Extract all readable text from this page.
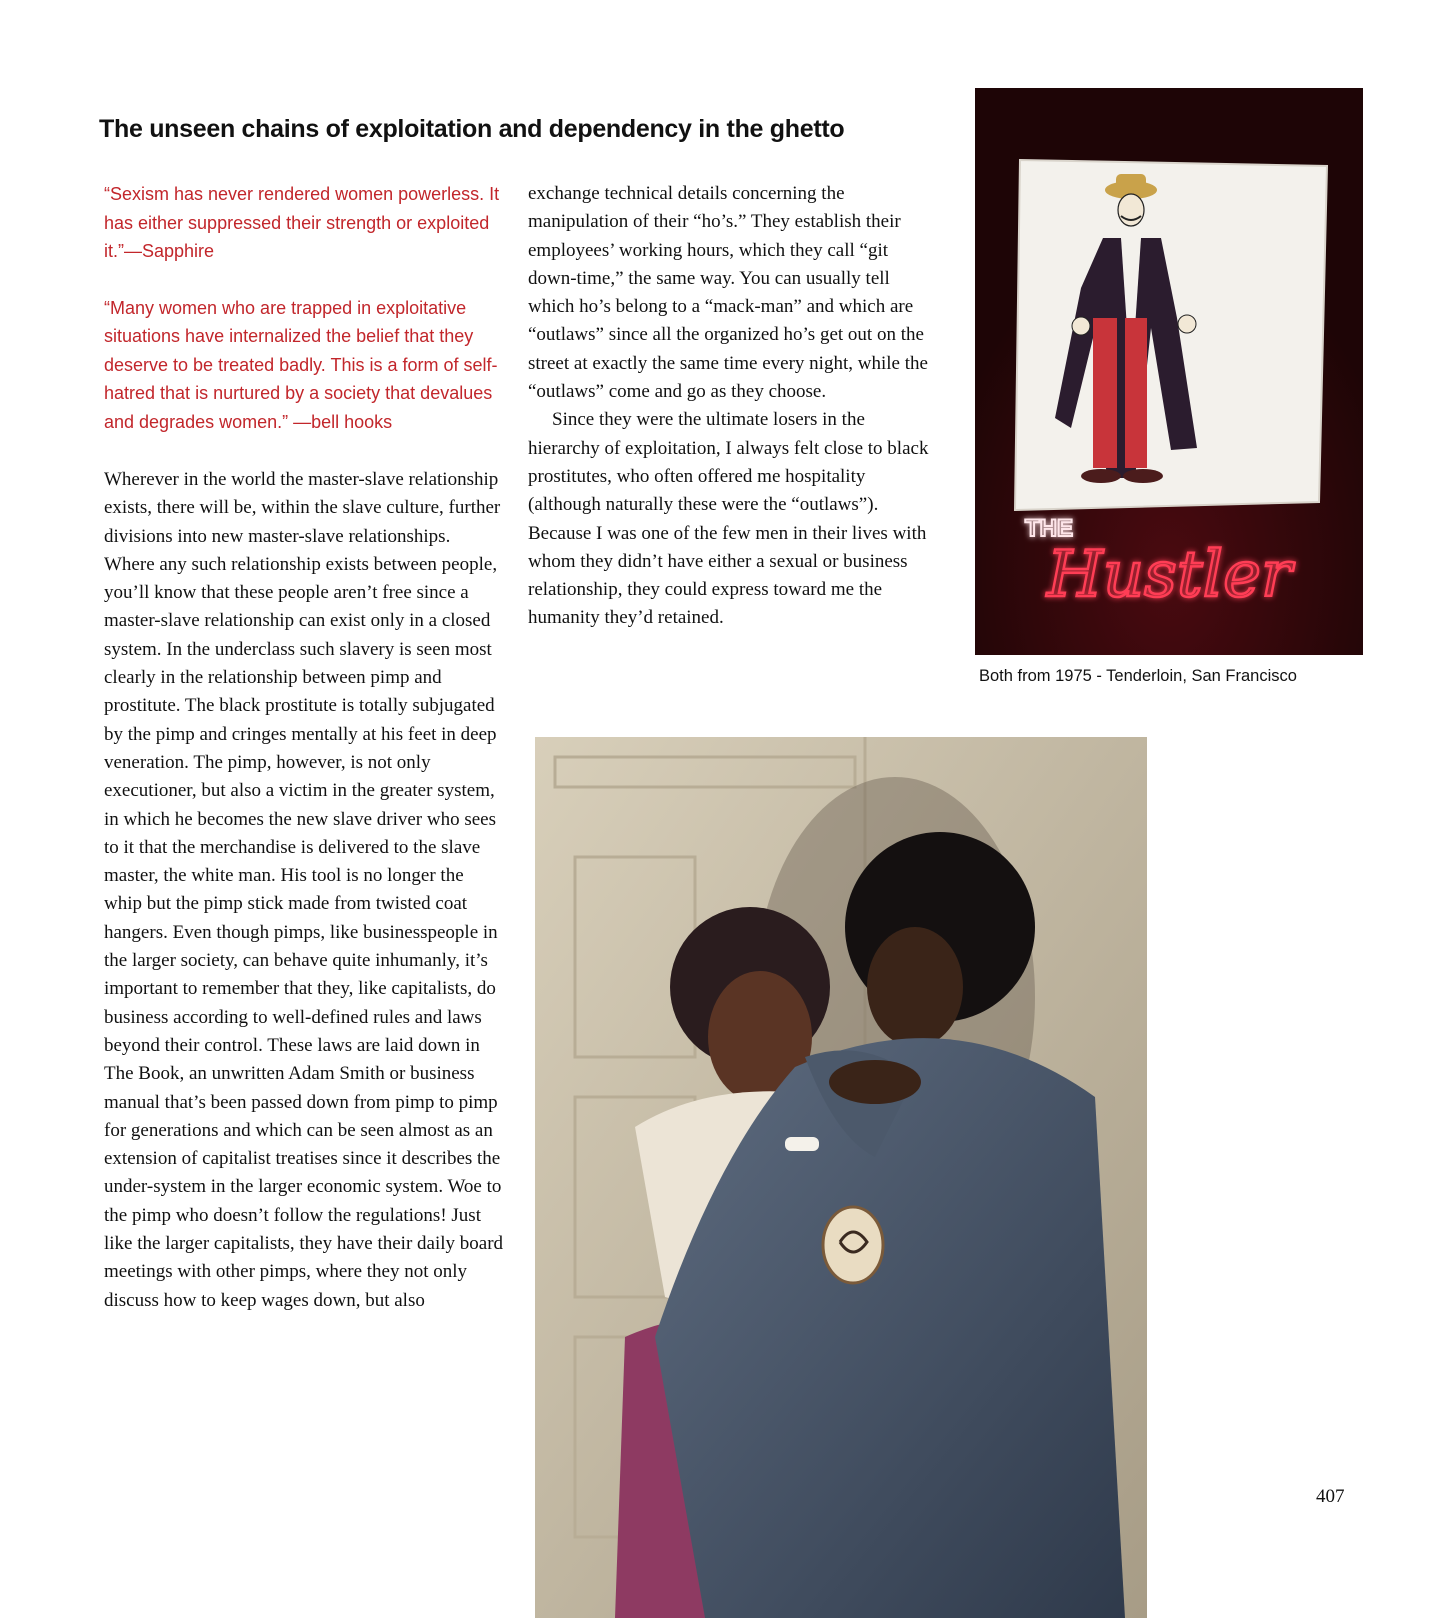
The unseen chains of exploitation and dependency in the ghetto

“Sexism has never rendered women powerless. It has either suppressed their strength or exploited it.”—Sapphire

“Many women who are trapped in exploitative situations have internalized the belief that they deserve to be treated badly. This is a form of self-hatred that is nurtured by a society that devalues and degrades women.” —bell hooks

Wherever in the world the master-slave relationship exists, there will be, within the slave culture, further divisions into new master-slave relationships. Where any such relationship exists between people, you’ll know that these people aren’t free since a master-slave relationship can exist only in a closed system. In the underclass such slavery is seen most clearly in the relationship between pimp and prostitute. The black prostitute is totally subjugated by the pimp and cringes mentally at his feet in deep veneration. The pimp, however, is not only executioner, but also a victim in the greater system, in which he becomes the new slave driver who sees to it that the merchandise is delivered to the slave master, the white man. His tool is no longer the whip but the pimp stick made from twisted coat hangers. Even though pimps, like businesspeople in the larger society, can behave quite inhumanly, it’s important to remember that they, like capitalists, do business according to well-defined rules and laws beyond their control. These laws are laid down in The Book, an unwritten Adam Smith or business manual that’s been passed down from pimp to pimp for generations and which can be seen almost as an extension of capitalist treatises since it describes the under-system in the larger economic system. Woe to the pimp who doesn’t follow the regulations! Just like the larger capitalists, they have their daily board meetings with other pimps, where they not only discuss how to keep wages down, but also

exchange technical details concerning the manipulation of their “ho’s.” They establish their employees’ working hours, which they call “git down-time,” the same way. You can usually tell which ho’s belong to a “mack-man” and which are “outlaws” since all the organized ho’s get out on the street at exactly the same time every night, while the “outlaws” come and go as they choose.

Since they were the ultimate losers in the hierarchy of exploitation, I always felt close to black prostitutes, who often offered me hospitality (although naturally these were the “outlaws”). Because I was one of the few men in their lives with whom they didn’t have either a sexual or business relationship, they could express toward me the humanity they’d retained.

THE
Hustler

Both from 1975 - Tenderloin, San Francisco

407
